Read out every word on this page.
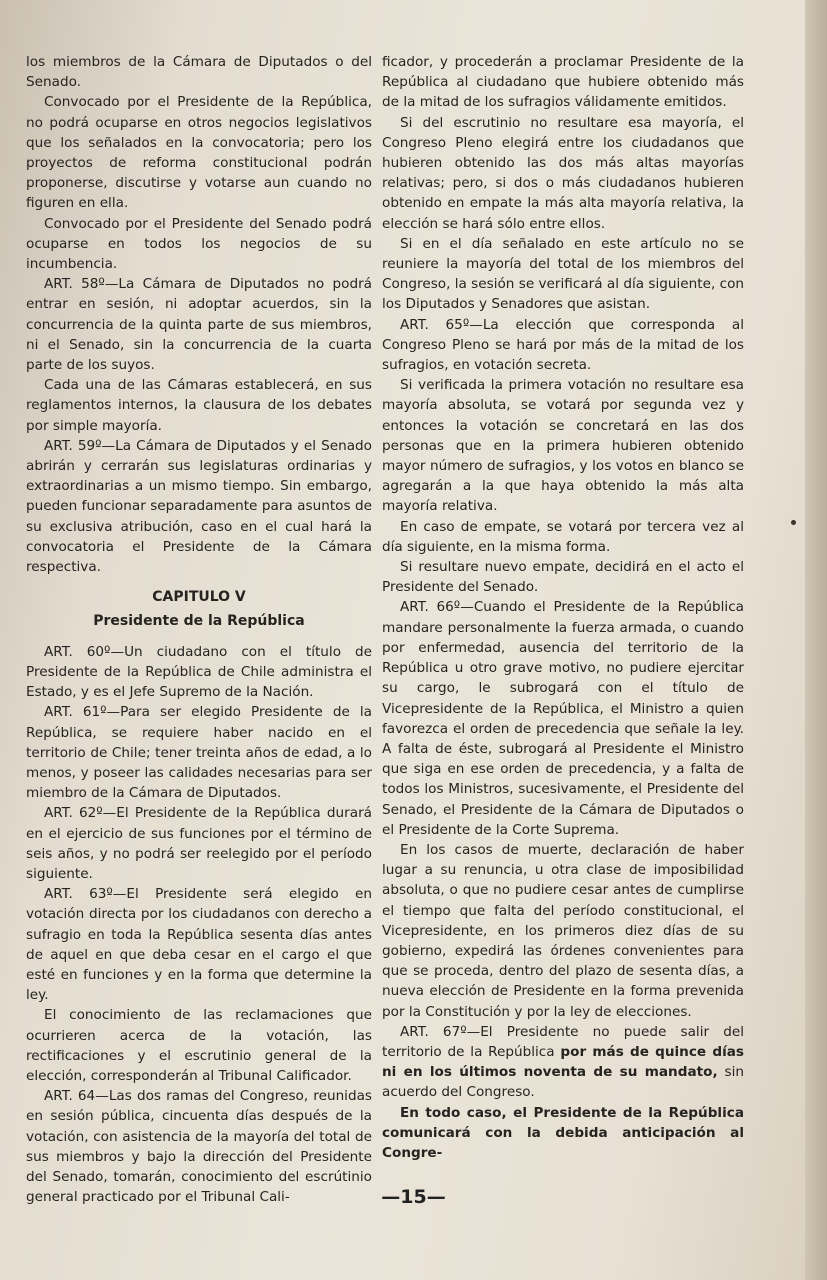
los miembros de la Cámara de Diputados o del Senado.

Convocado por el Presidente de la República, no podrá ocuparse en otros negocios legislativos que los señalados en la convocatoria; pero los proyectos de reforma constitucional podrán proponerse, discutirse y votarse aun cuando no figuren en ella.

Convocado por el Presidente del Senado podrá ocuparse en todos los negocios de su incumbencia.

ART. 58º—La Cámara de Diputados no podrá entrar en sesión, ni adoptar acuerdos, sin la concurrencia de la quinta parte de sus miembros, ni el Senado, sin la concurrencia de la cuarta parte de los suyos.

Cada una de las Cámaras establecerá, en sus reglamentos internos, la clausura de los debates por simple mayoría.

ART. 59º—La Cámara de Diputados y el Senado abrirán y cerrarán sus legislaturas ordinarias y extraordinarias a un mismo tiempo. Sin embargo, pueden funcionar separadamente para asuntos de su exclusiva atribución, caso en el cual hará la convocatoria el Presidente de la Cámara respectiva.

CAPITULO V

Presidente de la República

ART. 60º—Un ciudadano con el título de Presidente de la República de Chile administra el Estado, y es el Jefe Supremo de la Nación.

ART. 61º—Para ser elegido Presidente de la República, se requiere haber nacido en el territorio de Chile; tener treinta años de edad, a lo menos, y poseer las calidades necesarias para ser miembro de la Cámara de Diputados.

ART. 62º—El Presidente de la República durará en el ejercicio de sus funciones por el término de seis años, y no podrá ser reelegido por el período siguiente.

ART. 63º—El Presidente será elegido en votación directa por los ciudadanos con derecho a sufragio en toda la República sesenta días antes de aquel en que deba cesar en el cargo el que esté en funciones y en la forma que determine la ley.

El conocimiento de las reclamaciones que ocurrieren acerca de la votación, las rectificaciones y el escrutinio general de la elección, corresponderán al Tribunal Calificador.

ART. 64—Las dos ramas del Congreso, reunidas en sesión pública, cincuenta días después de la votación, con asistencia de la mayoría del total de sus miembros y bajo la dirección del Presidente del Senado, tomarán, conocimiento del escrútinio general practicado por el Tribunal Cali-

ficador, y procederán a proclamar Presidente de la República al ciudadano que hubiere obtenido más de la mitad de los sufragios válidamente emitidos.

Si del escrutinio no resultare esa mayoría, el Congreso Pleno elegirá entre los ciudadanos que hubieren obtenido las dos más altas mayorías relativas; pero, si dos o más ciudadanos hubieren obtenido en empate la más alta mayoría relativa, la elección se hará sólo entre ellos.

Si en el día señalado en este artículo no se reuniere la mayoría del total de los miembros del Congreso, la sesión se verificará al día siguiente, con los Diputados y Senadores que asistan.

ART. 65º—La elección que corresponda al Congreso Pleno se hará por más de la mitad de los sufragios, en votación secreta.

Si verificada la primera votación no resultare esa mayoría absoluta, se votará por segunda vez y entonces la votación se concretará en las dos personas que en la primera hubieren obtenido mayor número de sufragios, y los votos en blanco se agregarán a la que haya obtenido la más alta mayoría relativa.

En caso de empate, se votará por tercera vez al día siguiente, en la misma forma.

Si resultare nuevo empate, decidirá en el acto el Presidente del Senado.

ART. 66º—Cuando el Presidente de la República mandare personalmente la fuerza armada, o cuando por enfermedad, ausencia del territorio de la República u otro grave motivo, no pudiere ejercitar su cargo, le subrogará con el título de Vicepresidente de la República, el Ministro a quien favorezca el orden de precedencia que señale la ley. A falta de éste, subrogará al Presidente el Ministro que siga en ese orden de precedencia, y a falta de todos los Ministros, sucesivamente, el Presidente del Senado, el Presidente de la Cámara de Diputados o el Presidente de la Corte Suprema.

En los casos de muerte, declaración de haber lugar a su renuncia, u otra clase de imposibilidad absoluta, o que no pudiere cesar antes de cumplirse el tiempo que falta del período constitucional, el Vicepresidente, en los primeros diez días de su gobierno, expedirá las órdenes convenientes para que se proceda, dentro del plazo de sesenta días, a nueva elección de Presidente en la forma prevenida por la Constitución y por la ley de elecciones.

ART. 67º—El Presidente no puede salir del territorio de la República por más de quince días ni en los últimos noventa de su mandato, sin acuerdo del Congreso.

En todo caso, el Presidente de la República comunicará con la debida anticipación al Congre-

—15—
